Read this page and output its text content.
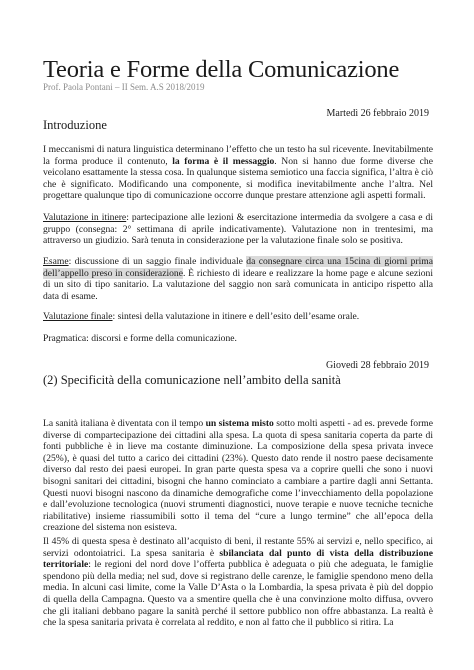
Teoria e Forme della Comunicazione
Prof. Paola Pontani – II Sem. A.S 2018/2019
Martedì 26 febbraio 2019
Introduzione
I meccanismi di natura linguistica determinano l’effetto che un testo ha sul ricevente. Inevitabilmente la forma produce il contenuto, la forma è il messaggio. Non si hanno due forme diverse che veicolano esattamente la stessa cosa. In qualunque sistema semiotico una faccia significa, l’altra è ciò che è significato. Modificando una componente, si modifica inevitabilmente anche l’altra. Nel progettare qualunque tipo di comunicazione occorre dunque prestare attenzione agli aspetti formali.
Valutazione in itinere: partecipazione alle lezioni & esercitazione intermedia da svolgere a casa e di gruppo (consegna: 2° settimana di aprile indicativamente). Valutazione non in trentesimi, ma attraverso un giudizio. Sarà tenuta in considerazione per la valutazione finale solo se positiva.
Esame: discussione di un saggio finale individuale da consegnare circa una 15cina di giorni prima dell’appello preso in considerazione. È richiesto di ideare e realizzare la home page e alcune sezioni di un sito di tipo sanitario. La valutazione del saggio non sarà comunicata in anticipo rispetto alla data di esame.
Valutazione finale: sintesi della valutazione in itinere e dell’esito dell’esame orale.
Pragmatica: discorsi e forme della comunicazione.
Giovedì 28 febbraio 2019
(2) Specificità della comunicazione nell’ambito della sanità
La sanità italiana è diventata con il tempo un sistema misto sotto molti aspetti - ad es. prevede forme diverse di compartecipazione dei cittadini alla spesa. La quota di spesa sanitaria coperta da parte di fonti pubbliche è in lieve ma costante diminuzione. La composizione della spesa privata invece (25%), è quasi del tutto a carico dei cittadini (23%). Questo dato rende il nostro paese decisamente diverso dal resto dei paesi europei. In gran parte questa spesa va a coprire quelli che sono i nuovi bisogni sanitari dei cittadini, bisogni che hanno cominciato a cambiare a partire dagli anni Settanta. Questi nuovi bisogni nascono da dinamiche demografiche come l’invecchiamento della popolazione e dall’evoluzione tecnologica (nuovi strumenti diagnostici, nuove terapie e nuove tecniche tecniche riabilitative) insieme riassumibili sotto il tema del “cure a lungo termine” che all’epoca della creazione del sistema non esisteva.
Il 45% di questa spesa è destinato all’acquisto di beni, il restante 55% ai servizi e, nello specifico, ai servizi odontoiatrici. La spesa sanitaria è sbilanciata dal punto di vista della distribuzione territoriale: le regioni del nord dove l’offerta pubblica è adeguata o più che adeguata, le famiglie spendono più della media; nel sud, dove si registrano delle carenze, le famiglie spendono meno della media. In alcuni casi limite, come la Valle D’Asta o la Lombardia, la spesa privata è più del doppio di quella della Campagna. Questo va a smentire quella che è una convinzione molto diffusa, ovvero che gli italiani debbano pagare la sanità perché il settore pubblico non offre abbastanza. La realtà è che la spesa sanitaria privata è correlata al reddito, e non al fatto che il pubblico si ritira. La
